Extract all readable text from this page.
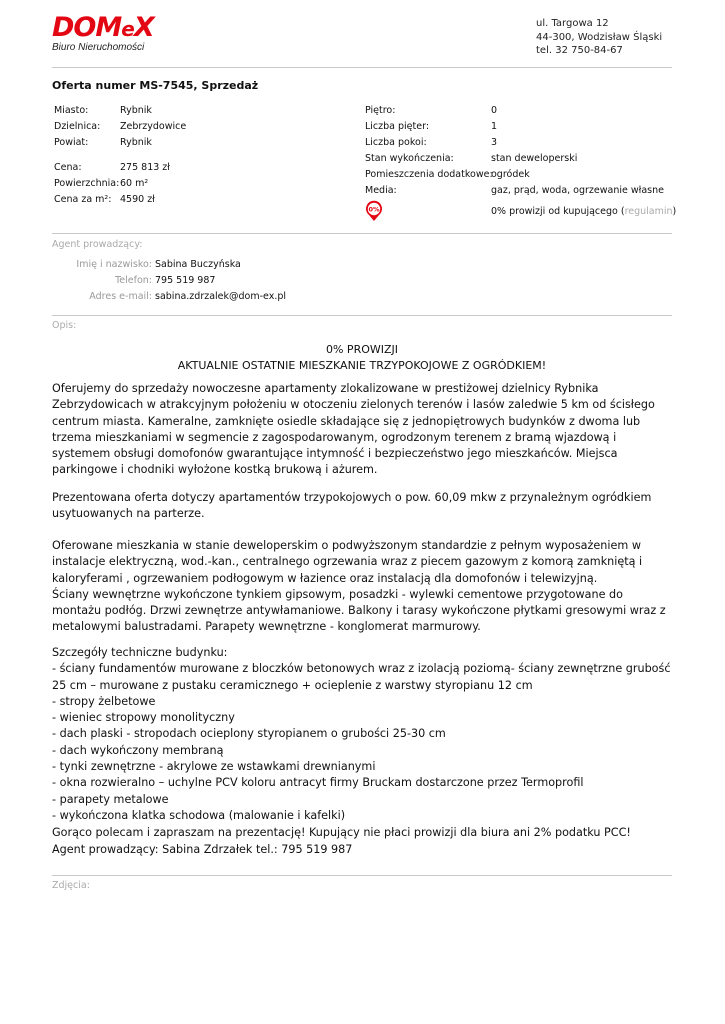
DOMeX
Biuro Nieruchomości
ul. Targowa 12
44-300, Wodzisław Śląski
tel. 32 750-84-67
Oferta numer MS-7545, Sprzedaż
Miasto:	Rybnik
Dzielnica: Zebrzydowice
Powiat:	Rybnik
Cena:	275 813 zł
Powierzchnia: 60 m²
Cena za m²: 4590 zł
Piętro:	0
Liczba pięter:	1
Liczba pokoi:	3
Stan wykończenia:	stan deweloperski
Pomieszczenia dodatkowe:
ogródek
Media:	gaz, prąd, woda, ogrzewanie własne
0%	0% prowizji od kupującego (regulamin)
Agent prowadzący:
Imię i nazwisko: Sabina Buczyńska
Telefon: 795 519 987
Adres e-mail: sabina.zdrzalek@dom-ex.pl
Opis:
0% PROWIZJI
AKTUALNIE OSTATNIE MIESZKANIE TRZYPOKOJOWE Z OGRÓDKIEM!
Oferujemy do sprzedaży nowoczesne apartamenty zlokalizowane w prestiżowej dzielnicy Rybnika Zebrzydowicach w atrakcyjnym położeniu w otoczeniu zielonych terenów i lasów zaledwie 5 km od ścisłego centrum miasta. Kameralne, zamknięte osiedle składające się z jednopiętrowych budynków z dwoma lub trzema mieszkaniami w segmencie z zagospodarowanym, ogrodzonym terenem z bramą wjazdową i systemem obsługi domofonów gwarantujące intymność i bezpieczeństwo jego mieszkańców. Miejsca parkingowe i chodniki wyłożone kostką brukową i ażurem.
Prezentowana oferta dotyczy apartamentów trzypokojowych o pow. 60,09 mkw z przynależnym ogródkiem usytuowanych na parterze.

Oferowane mieszkania w stanie deweloperskim o podwyższonym standardzie z pełnym wyposażeniem w instalacje elektryczną, wod.-kan., centralnego ogrzewania wraz z piecem gazowym z komorą zamkniętą i kaloryferami , ogrzewaniem podłogowym w łazience oraz instalacją dla domofonów i telewizyjną.

Ściany wewnętrzne wykończone tynkiem gipsowym, posadzki - wylewki cementowe przygotowane do montażu podłóg. Drzwi zewnętrze antywłamaniowe. Balkony i tarasy wykończone płytkami gresowymi wraz z metalowymi balustradami. Parapety wewnętrzne - konglomerat marmurowy.

Szczegóły techniczne budynku:

- ściany fundamentów murowane z bloczków betonowych wraz z izolacją poziomą- ściany zewnętrzne grubość 25 cm – murowane z pustaku ceramicznego + ocieplenie z warstwy styropianu 12 cm

- stropy żelbetowe

- wieniec stropowy monolityczny

- dach plaski - stropodach ocieplony styropianem o grubości 25-30 cm

- dach wykończony membraną

- tynki zewnętrzne - akrylowe ze wstawkami drewnianymi

- okna rozwieralno – uchylne PCV koloru antracyt firmy Bruckam dostarczone przez Termoprofil

- parapety metalowe

- wykończona klatka schodowa (malowanie i kafelki)

Gorąco polecam i zapraszam na prezentację! Kupujący nie płaci prowizji dla biura ani 2% podatku PCC!

Agent prowadzący: Sabina Zdrzałek tel.: 795 519 987

Zdjęcia:
